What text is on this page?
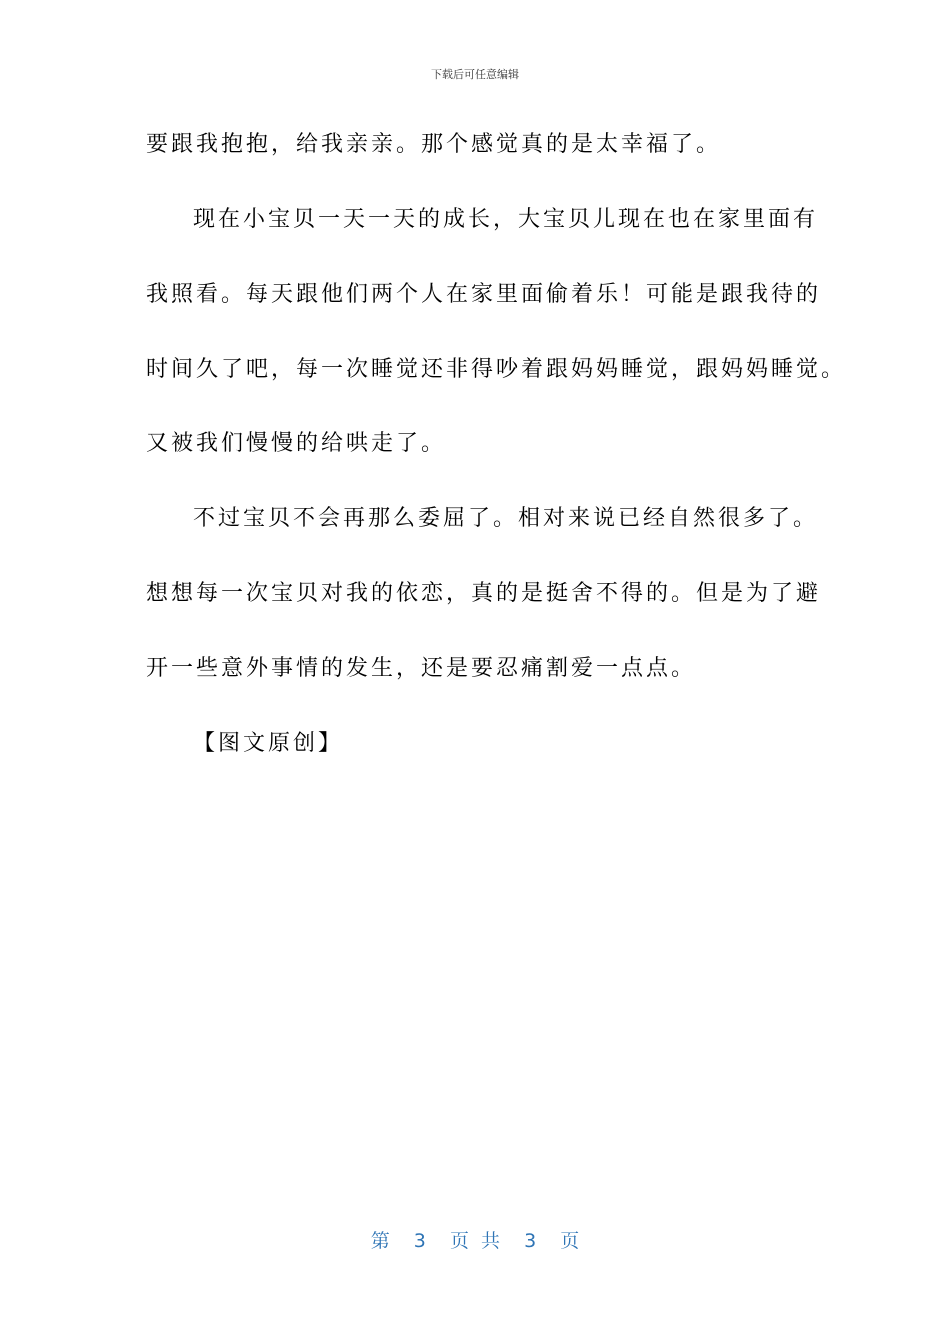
下载后可任意编辑
要跟我抱抱，给我亲亲。那个感觉真的是太幸福了。
现在小宝贝一天一天的成长，大宝贝儿现在也在家里面有
我照看。每天跟他们两个人在家里面偷着乐！可能是跟我待的
时间久了吧，每一次睡觉还非得吵着跟妈妈睡觉，跟妈妈睡觉。
又被我们慢慢的给哄走了。
不过宝贝不会再那么委屈了。相对来说已经自然很多了。
想想每一次宝贝对我的依恋，真的是挺舍不得的。但是为了避
开一些意外事情的发生，还是要忍痛割爱一点点。
【图文原创】
第  3  页 共  3  页
